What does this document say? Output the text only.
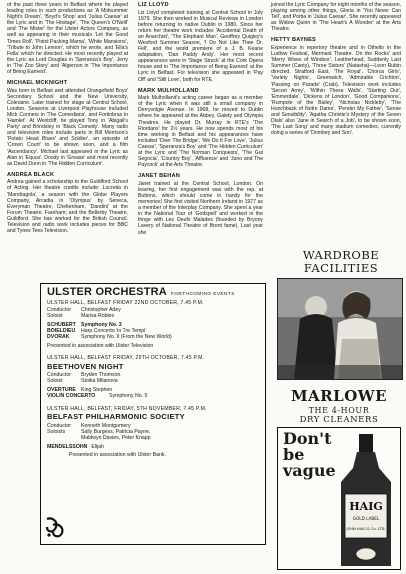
of the past three years in Belfast where he played leading roles in such productions as 'A Midsummer Night's Dream', 'Boyd's Shop' and 'Julius Caesar' at the Lyric and in 'The Hostage', 'The Queen's O'Neill' and 'The Mister' for the Ulster Actors Company, as well as appearing in their musicals 'Let the Good Times Roll', 'Pistol Packing Mama', 'White Mansions', 'Tribute to John Lennon', which he wrote, and 'Ella's Fella' which he directed. He most recently played at the Lyric as Lord Douglas in 'Speranza's Boy', Jerry in 'The Zoo Story' and 'Algernon in 'The Importance of Being Earnest'.

MICHAEL MCKNIGHT

Was born in Belfast and attended Orangefield Boys' Secondary School and the New University, Coleraine. Later trained for stage at Central School, London. Seasons at Liverpool Playhouse included Mick Conners in 'The Comedians', and Fortinbras in 'Hamlet'. At Westcliff, he played Tony in 'Abigail's Party' and Brindsley in 'Black Comedy'. Many radio and television roles include parts in Bill Morrison's 'Potato Head Blues' and Soldier', an episode of 'Crown Court' to be shown soon, and a film 'Ascendancy'. Michael last appeared in the Lyric as Alan in 'Equus', Doody in 'Grease' and most recently as David Dunn in 'The Hidden Curriculum'.

ANDREA BLACK

Andrea gained a scholarship to the Guildford School of Acting. Her theatre credits include: Lucretia in 'Mandragola', a season with the Globe Players Company, Arcadia in 'Olympus' by Seneca, Everyman Theatre, Cheltenham, 'Dandini' at the Forum Theatre, Fareham; and the Bellerby Theatre, Guildford. She has worked for the British Council. Television and radio work includes pieces for BBC and Tynes Tees Television.

LIZ LLOYD

Liz Lloyd completed training at Central School in July 1979. She then worked in Musical Reviews in London before returning to native Dublin in 1980. Since her return her theatre work includes 'Accidental Death of an Anarchist', 'The Elephant Man', Geoffrey Quigley's Wexford Summer Season, 'I Do Not Like Thee Dr. Fell', and the world premiere of a J. B. Keane adaptation, 'Dan Paddy Andy'. Her most recent appearances were in 'Stage Struck' at the Cork Opera house and in 'The Importance of Being Earnest' at the Lyric in Belfast. For television she appeared in 'Pay Off' and 'Still Love', both for RTE.

MARK MULHOLLAND

Mark Mulholland's acting career began as a member of the Lyric when it was still a small company in Derryvolgie Avenue. In 1968, he moved to Dublin where he appeared at the Abbey, Gaiety and Olympia Theatres. He played Dr. Murray in RTE's 'The Riordans' for 2½ years. He now spends most of his time working in Belfast and his appearances have included 'Over The Bridge', 'We Do It For Love', 'Julius Caesar', 'Speranza's Boy' and 'The Hidden Curriculum' at the Lyric and 'The Norman Conquests', 'The Gut Segocia', 'Country Boy', 'Affluence' and 'Juno and The Paycock' at the Arts Theatre.

JANET BEHAN

Janet trained at the Central School, London. On leaving, her first engagement was with the rep. at Buttons, which should come in handy for the memories! She first visited Northern Ireland in 1977 as a member of the Interplay Company. She spent a year in the National Tour of 'Godspell' and worked in the fringe with Les Oeufs Malades (founded by Bryony Lavery of National Theatre of Brent fame). Last year she

joined the Lyric Company for eight months of the season, playing among other things, Gloria in 'You Never Can Tell', and Portia in 'Julius Caesar'. She recently appeared as Widow Quinn in 'The Heart's A Wonder' at the Arts Theatre.

HETTY BAYNES

Experience in repertory theatre and in Othello in the Ludlow Festival, Mermaid Theatre. On the Rocks' and 'Merry Wives of Windsor', Leatherhead, Suddenly Last Summer (Canty), 'Three Sisters' (Natasha)—Leon Rubin directed. Stratford East, 'The Royal', 'Chorus Girls', 'Variety Nights', Greenwich, 'Admirable Crichton', 'Passing on Parade' (Crab). Television work includes 'Secret Army', 'Within These Walls', 'Starting Out', 'Emmerdale', 'Dickens of London', 'Good Companions', 'Rumpole of the Bailey', 'Nicholas Nickleby', 'The Hunchback of Notre Dame', 'Pender My Father', 'Sense and Sensibility', 'Agatha Christie's Mystery of the Seven Dials' also 'Jane in Search of a Job', to be shown soon, 'The Last Song' and many stadium comedies, currently doing a series of 'Dombey and Son'.

ULSTER ORCHESTRA FORTHCOMING EVENTS
ULSTER HALL, BELFAST FRIDAY 22ND OCTOBER, 7.45 P.M.
Conductor	Christopher Adey
Soloist	Marisa Robles
SCHUBERT Symphony No. 3
BOIELDIEU	Harp Concerto 'in Tre Tempi'
DVORAK	Symphony No. 9 (From the New World)
Presented in association with Ulster Television
ULSTER HALL, BELFAST FRIDAY, 29TH OCTOBER, 7.45 P.M.
BEETHOVEN NIGHT
Conductor	Bryden Thomson
Soloist	Stoika Milanova
OVERTURE King Stephen
VIOLIN CONCERTO	Symphony No. 5
ULSTER HALL, BELFAST, FRIDAY, 5TH NOVEMBER, 7.45 P.M.
BELFAST PHILHARMONIC SOCIETY
Conductor	Kenneth Montgomery
Soloists	Sally Burgess, Patricia Payne,
Maldwyn Davies, Peter Knapp
MENDELSSOHN Elijah
Presented in association with Ulster Bank.
WARDROBE
FACILITIES
MARLOWE
THE 4-HOUR
DRY CLEANERS
Don't
be
vague
HAIG
GOLD LABEL
JOHN HAIG & Co. LTD.
